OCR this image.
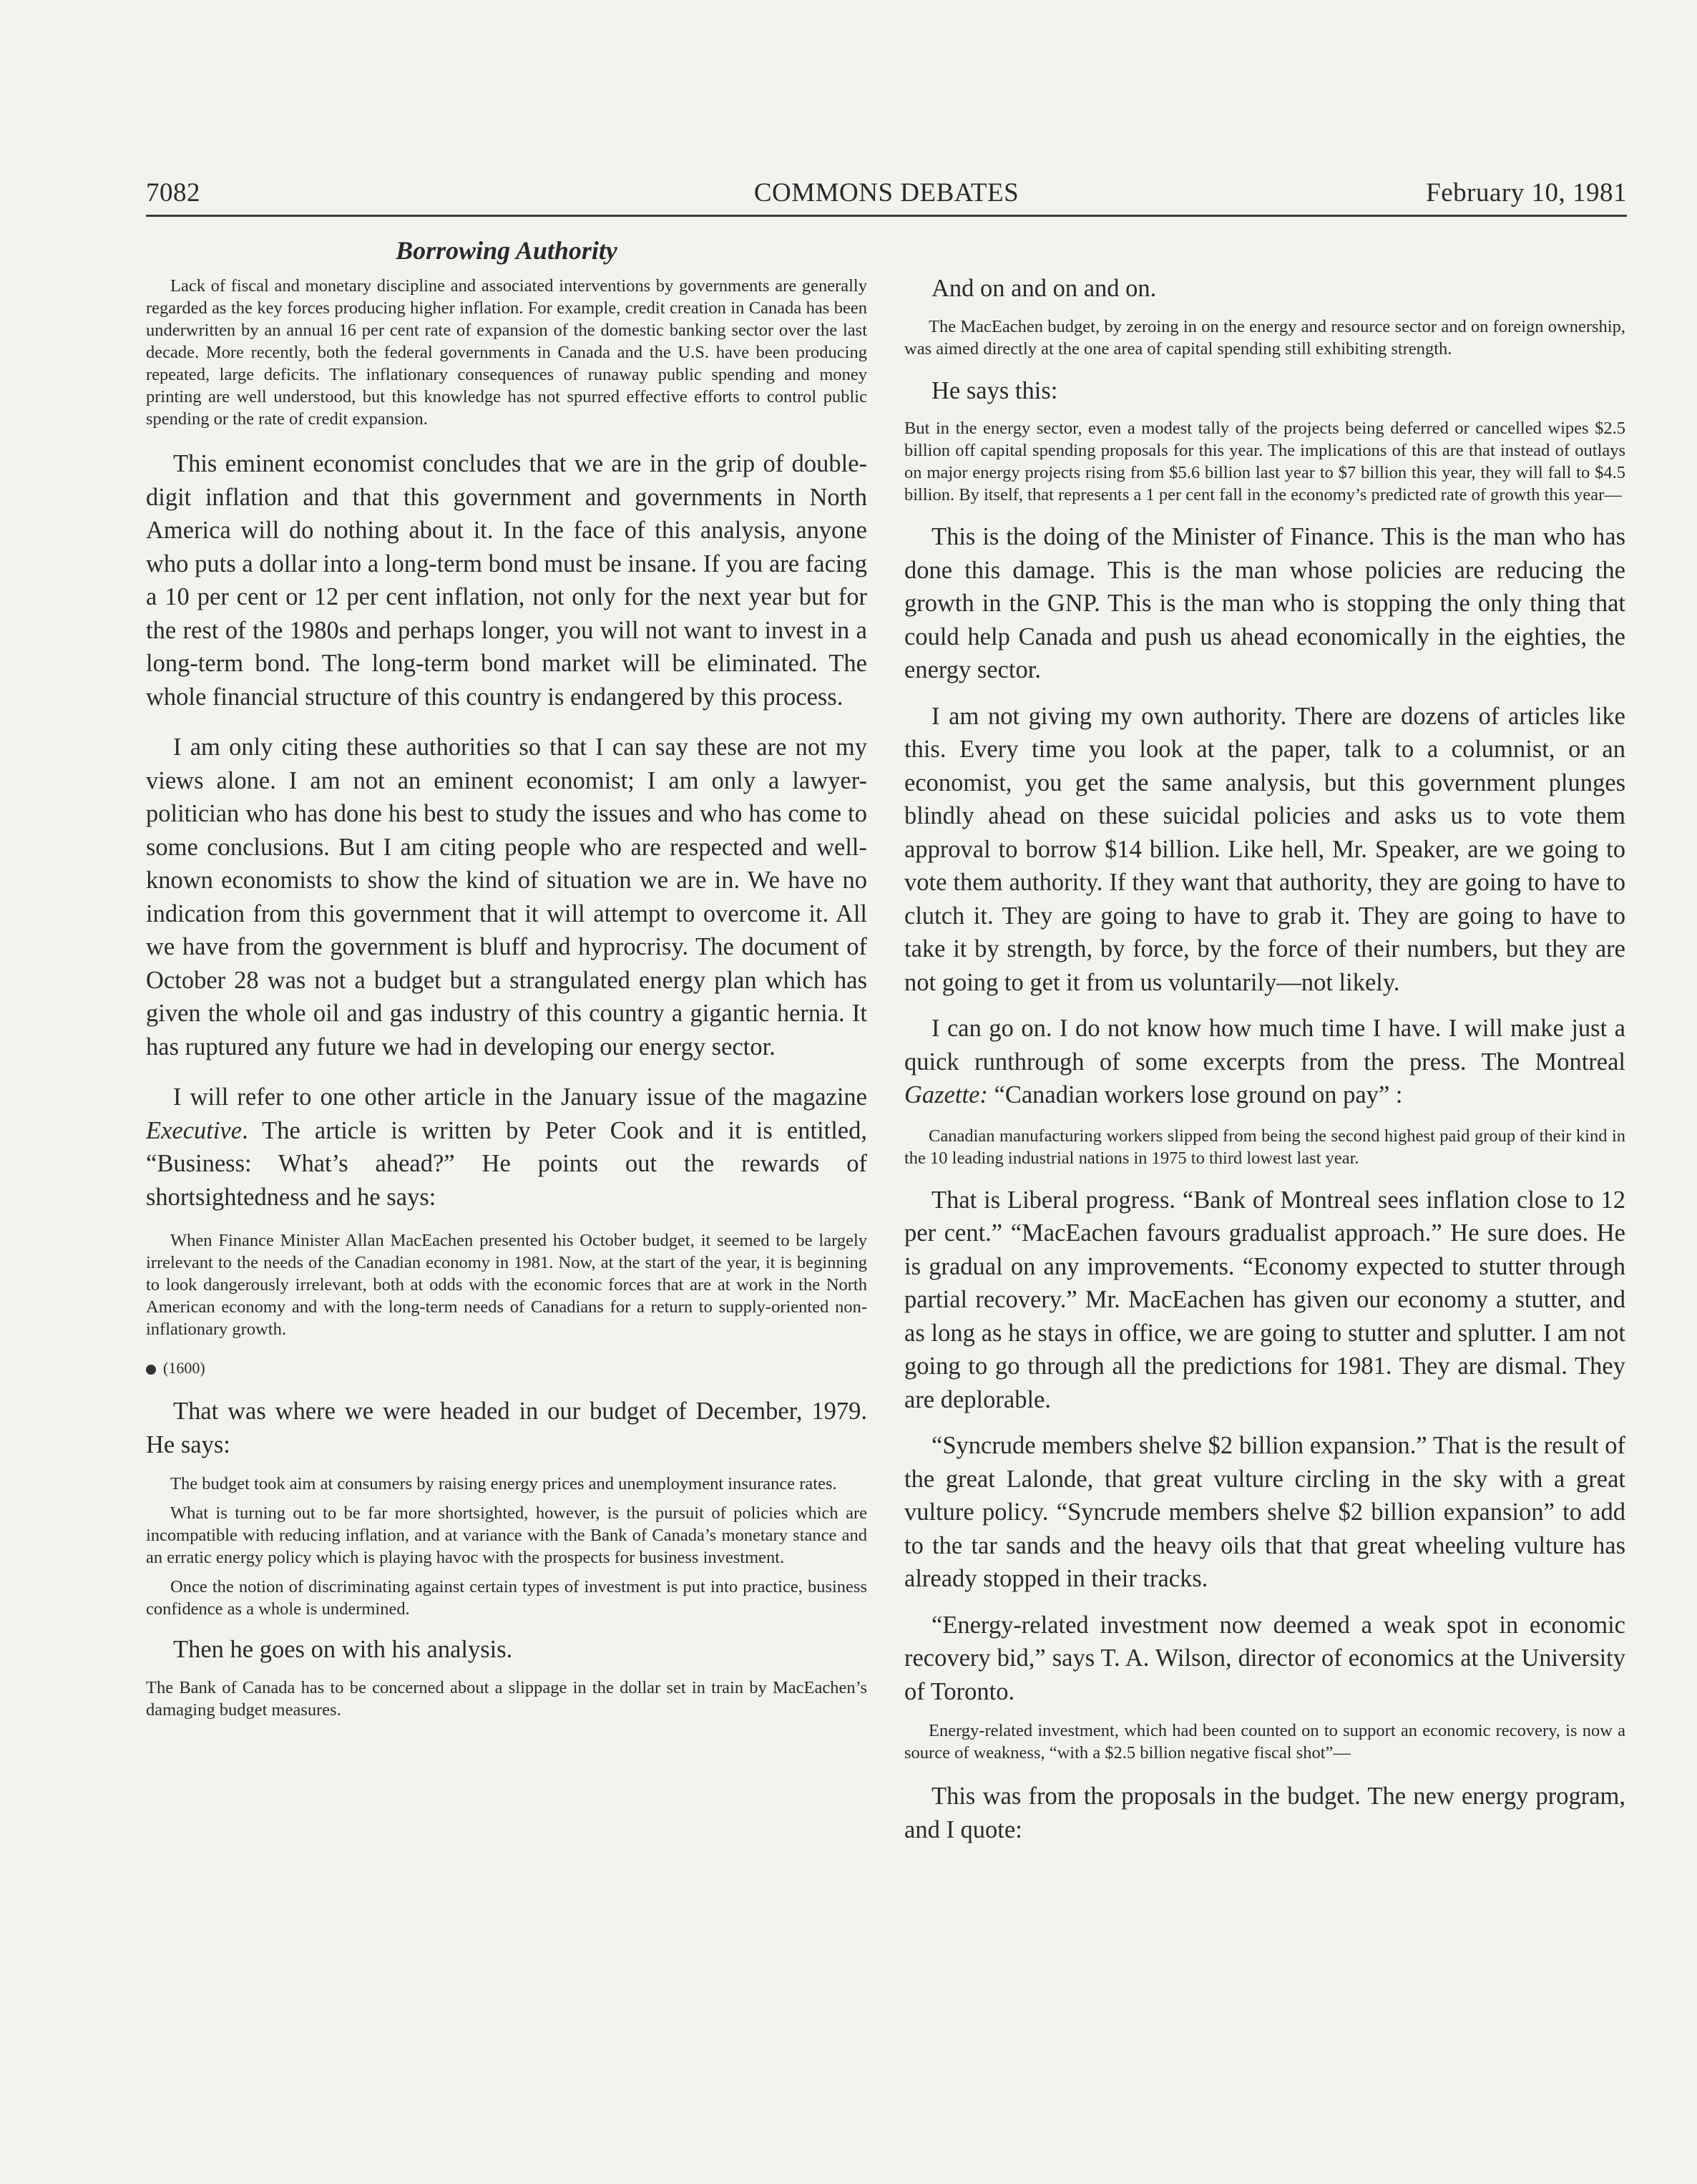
7082	COMMONS DEBATES	February 10, 1981
Borrowing Authority

Lack of fiscal and monetary discipline and associated interventions by governments are generally regarded as the key forces producing higher inflation. For example, credit creation in Canada has been underwritten by an annual 16 per cent rate of expansion of the domestic banking sector over the last decade. More recently, both the federal governments in Canada and the U.S. have been producing repeated, large deficits. The inflationary consequences of runaway public spending and money printing are well understood, but this knowledge has not spurred effective efforts to control public spending or the rate of credit expansion.

This eminent economist concludes that we are in the grip of double-digit inflation and that this government and governments in North America will do nothing about it. In the face of this analysis, anyone who puts a dollar into a long-term bond must be insane. If you are facing a 10 per cent or 12 per cent inflation, not only for the next year but for the rest of the 1980s and perhaps longer, you will not want to invest in a long-term bond. The long-term bond market will be eliminated. The whole financial structure of this country is endangered by this process.

I am only citing these authorities so that I can say these are not my views alone. I am not an eminent economist; I am only a lawyer-politician who has done his best to study the issues and who has come to some conclusions. But I am citing people who are respected and well-known economists to show the kind of situation we are in. We have no indication from this government that it will attempt to overcome it. All we have from the government is bluff and hyprocrisy. The document of October 28 was not a budget but a strangulated energy plan which has given the whole oil and gas industry of this country a gigantic hernia. It has ruptured any future we had in developing our energy sector.

I will refer to one other article in the January issue of the magazine Executive. The article is written by Peter Cook and it is entitled, “Business: What’s ahead?” He points out the rewards of shortsightedness and he says:

When Finance Minister Allan MacEachen presented his October budget, it seemed to be largely irrelevant to the needs of the Canadian economy in 1981. Now, at the start of the year, it is beginning to look dangerously irrelevant, both at odds with the economic forces that are at work in the North American economy and with the long-term needs of Canadians for a return to supply-oriented non-inflationary growth.

(1600)

That was where we were headed in our budget of December, 1979. He says:

The budget took aim at consumers by raising energy prices and unemployment insurance rates.

What is turning out to be far more shortsighted, however, is the pursuit of policies which are incompatible with reducing inflation, and at variance with the Bank of Canada’s monetary stance and an erratic energy policy which is playing havoc with the prospects for business investment.

Once the notion of discriminating against certain types of investment is put into practice, business confidence as a whole is undermined.

Then he goes on with his analysis.

The Bank of Canada has to be concerned about a slippage in the dollar set in train by MacEachen’s damaging budget measures.

And on and on and on.

The MacEachen budget, by zeroing in on the energy and resource sector and on foreign ownership, was aimed directly at the one area of capital spending still exhibiting strength.

He says this:

But in the energy sector, even a modest tally of the projects being deferred or cancelled wipes $2.5 billion off capital spending proposals for this year. The implications of this are that instead of outlays on major energy projects rising from $5.6 billion last year to $7 billion this year, they will fall to $4.5 billion. By itself, that represents a 1 per cent fall in the economy’s predicted rate of growth this year—

This is the doing of the Minister of Finance. This is the man who has done this damage. This is the man whose policies are reducing the growth in the GNP. This is the man who is stopping the only thing that could help Canada and push us ahead economically in the eighties, the energy sector.

I am not giving my own authority. There are dozens of articles like this. Every time you look at the paper, talk to a columnist, or an economist, you get the same analysis, but this government plunges blindly ahead on these suicidal policies and asks us to vote them approval to borrow $14 billion. Like hell, Mr. Speaker, are we going to vote them authority. If they want that authority, they are going to have to clutch it. They are going to have to grab it. They are going to have to take it by strength, by force, by the force of their numbers, but they are not going to get it from us voluntarily—not likely.

I can go on. I do not know how much time I have. I will make just a quick runthrough of some excerpts from the press. The Montreal Gazette: “Canadian workers lose ground on pay” :

Canadian manufacturing workers slipped from being the second highest paid group of their kind in the 10 leading industrial nations in 1975 to third lowest last year.

That is Liberal progress. “Bank of Montreal sees inflation close to 12 per cent.” “MacEachen favours gradualist approach.” He sure does. He is gradual on any improvements. “Economy expected to stutter through partial recovery.” Mr. MacEachen has given our economy a stutter, and as long as he stays in office, we are going to stutter and splutter. I am not going to go through all the predictions for 1981. They are dismal. They are deplorable.

“Syncrude members shelve $2 billion expansion.” That is the result of the great Lalonde, that great vulture circling in the sky with a great vulture policy. “Syncrude members shelve $2 billion expansion” to add to the tar sands and the heavy oils that that great wheeling vulture has already stopped in their tracks.

“Energy-related investment now deemed a weak spot in economic recovery bid,” says T. A. Wilson, director of economics at the University of Toronto.

Energy-related investment, which had been counted on to support an economic recovery, is now a source of weakness, “with a $2.5 billion negative fiscal shot”—

This was from the proposals in the budget. The new energy program, and I quote:
